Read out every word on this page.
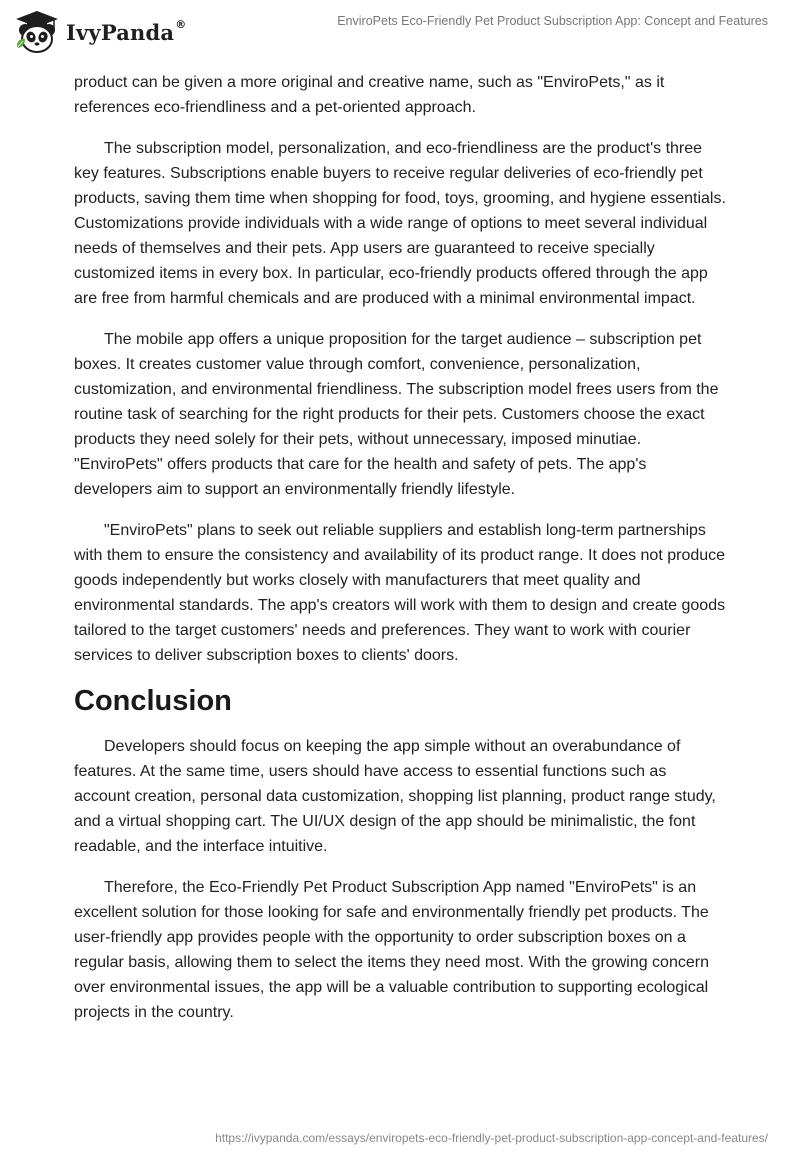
IvyPanda ®	EnviroPets Eco-Friendly Pet Product Subscription App: Concept and Features

product can be given a more original and creative name, such as "EnviroPets," as it references eco-friendliness and a pet-oriented approach.

The subscription model, personalization, and eco-friendliness are the product's three key features. Subscriptions enable buyers to receive regular deliveries of eco-friendly pet products, saving them time when shopping for food, toys, grooming, and hygiene essentials. Customizations provide individuals with a wide range of options to meet several individual needs of themselves and their pets. App users are guaranteed to receive specially customized items in every box. In particular, eco-friendly products offered through the app are free from harmful chemicals and are produced with a minimal environmental impact.

The mobile app offers a unique proposition for the target audience – subscription pet boxes. It creates customer value through comfort, convenience, personalization, customization, and environmental friendliness. The subscription model frees users from the routine task of searching for the right products for their pets. Customers choose the exact products they need solely for their pets, without unnecessary, imposed minutiae. "EnviroPets" offers products that care for the health and safety of pets. The app's developers aim to support an environmentally friendly lifestyle.

"EnviroPets" plans to seek out reliable suppliers and establish long-term partnerships with them to ensure the consistency and availability of its product range. It does not produce goods independently but works closely with manufacturers that meet quality and environmental standards. The app's creators will work with them to design and create goods tailored to the target customers' needs and preferences. They want to work with courier services to deliver subscription boxes to clients' doors.

Conclusion

Developers should focus on keeping the app simple without an overabundance of features. At the same time, users should have access to essential functions such as account creation, personal data customization, shopping list planning, product range study, and a virtual shopping cart. The UI/UX design of the app should be minimalistic, the font readable, and the interface intuitive.

Therefore, the Eco-Friendly Pet Product Subscription App named "EnviroPets" is an excellent solution for those looking for safe and environmentally friendly pet products. The user-friendly app provides people with the opportunity to order subscription boxes on a regular basis, allowing them to select the items they need most. With the growing concern over environmental issues, the app will be a valuable contribution to supporting ecological projects in the country.

https://ivypanda.com/essays/enviropets-eco-friendly-pet-product-subscription-app-concept-and-features/
